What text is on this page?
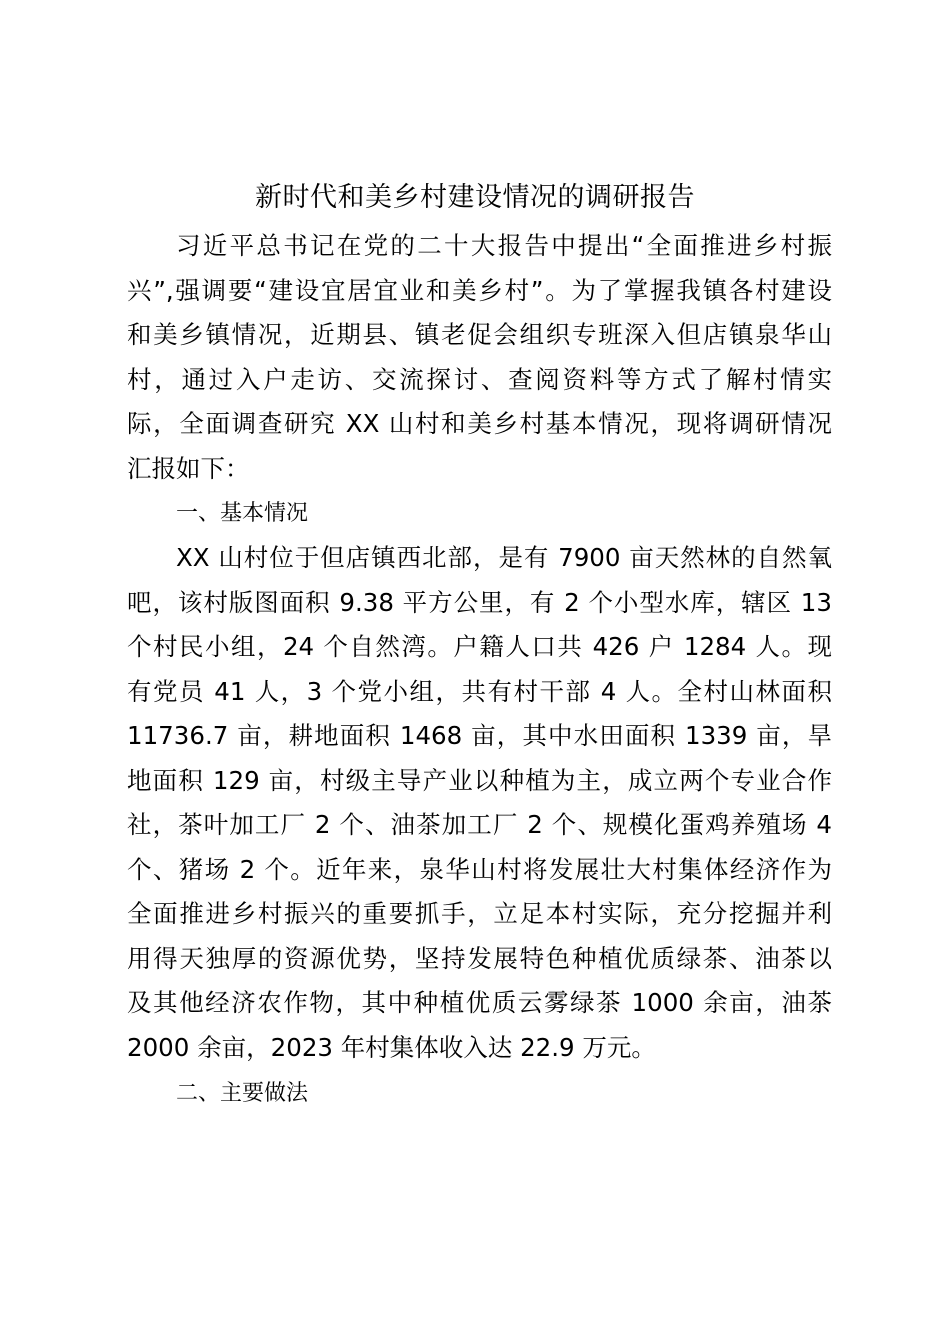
新时代和美乡村建设情况的调研报告
习近平总书记在党的二十大报告中提出“全面推进乡村振
兴”,强调要“建设宜居宜业和美乡村”。为了掌握我镇各村建设
和美乡镇情况，近期县、镇老促会组织专班深入但店镇泉华山
村，通过入户走访、交流探讨、查阅资料等方式了解村情实
际，全面调查研究 XX 山村和美乡村基本情况，现将调研情况
汇报如下：
一、基本情况
XX 山村位于但店镇西北部，是有 7900 亩天然林的自然氧
吧，该村版图面积 9.38 平方公里，有 2 个小型水库，辖区 13
个村民小组，24 个自然湾。户籍人口共 426 户 1284 人。现
有党员 41 人，3 个党小组，共有村干部 4 人。全村山林面积
11736.7 亩，耕地面积 1468 亩，其中水田面积 1339 亩，旱
地面积 129 亩，村级主导产业以种植为主，成立两个专业合作
社，茶叶加工厂 2 个、油茶加工厂 2 个、规模化蛋鸡养殖场 4
个、猪场 2 个。近年来，泉华山村将发展壮大村集体经济作为
全面推进乡村振兴的重要抓手，立足本村实际，充分挖掘并利
用得天独厚的资源优势，坚持发展特色种植优质绿茶、油茶以
及其他经济农作物，其中种植优质云雾绿茶 1000 余亩，油茶
2000 余亩，2023 年村集体收入达 22.9 万元。
二、主要做法
